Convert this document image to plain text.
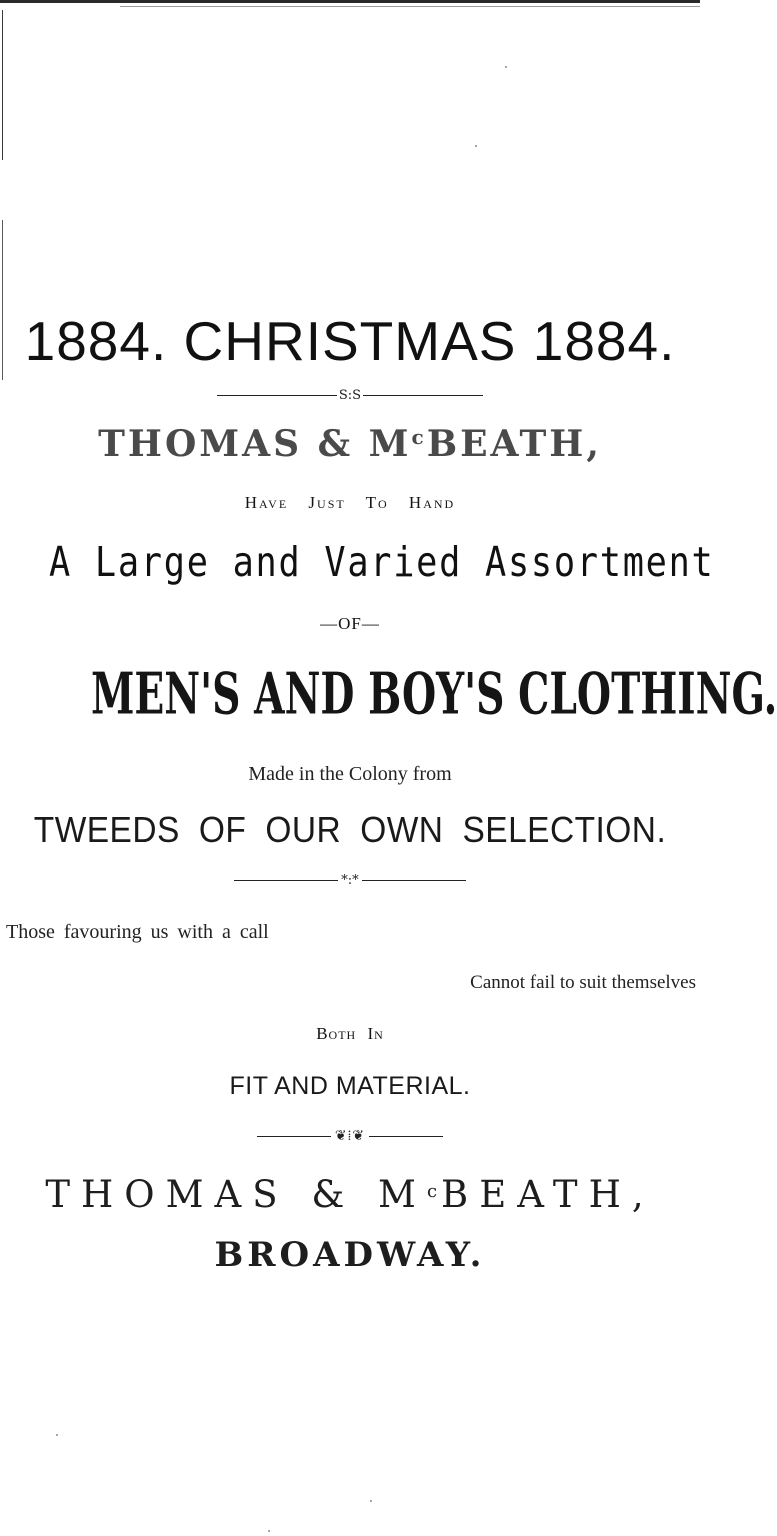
1884. CHRISTMAS 1884.
S:S
THOMAS & $M^cBEATH$,
Have Just To Hand
A Large and Varied Assortment
—OF—
MEN'S AND BOY'S CLOTHING.
Made in the Colony from
TWEEDS OF OUR OWN SELECTION.
*:*
Those favouring us with a call
Cannot fail to suit themselves
Both In
FIT AND MATERIAL.
❦⁞❦
THOMAS & $M^cBEATH$,
BROADWAY.
